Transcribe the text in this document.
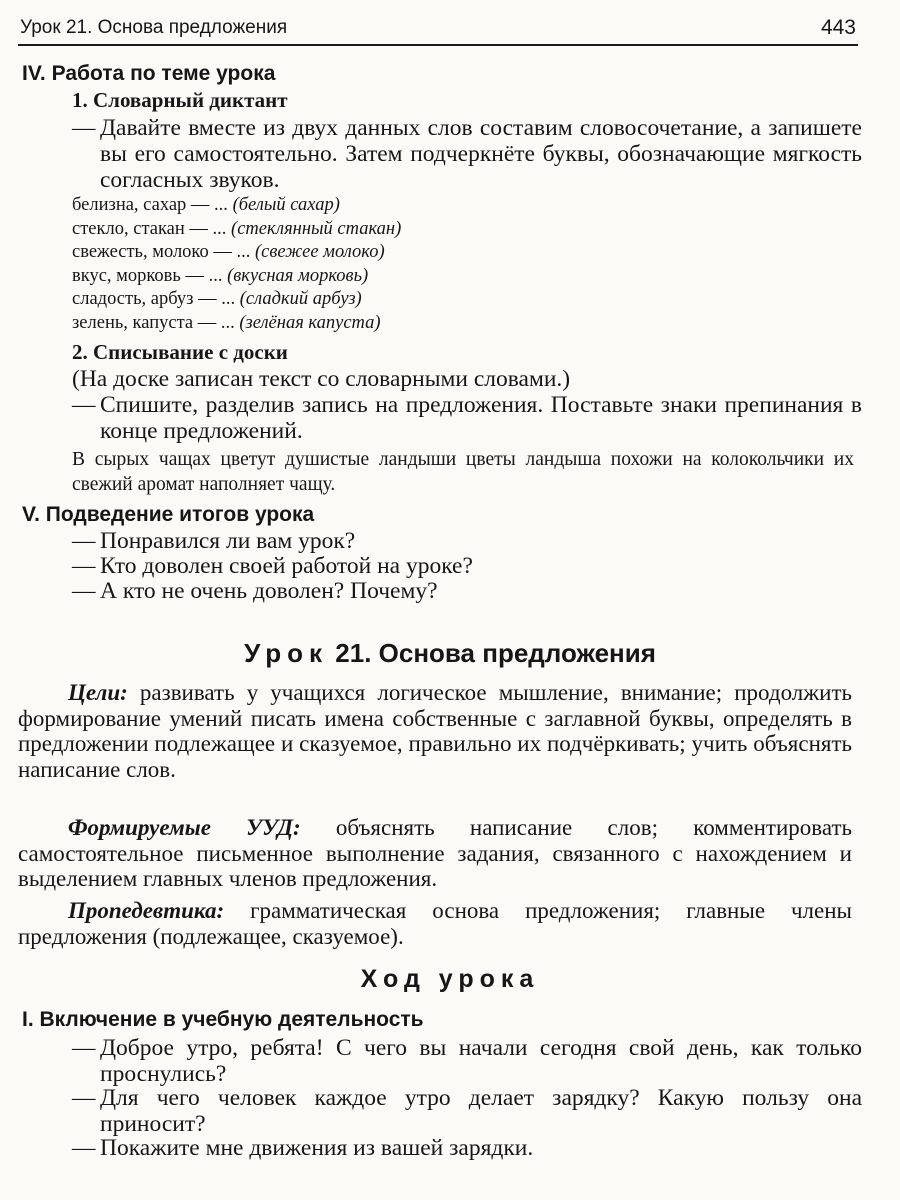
Урок 21. Основа предложения	443
IV. Работа по теме урока
1. Словарный диктант
— Давайте вместе из двух данных слов составим словосочетание, а запишете вы его самостоятельно. Затем подчеркнёте буквы, обозначающие мягкость согласных звуков.
белизна, сахар — ... (белый сахар)
стекло, стакан — ... (стеклянный стакан)
свежесть, молоко — ... (свежее молоко)
вкус, морковь — ... (вкусная морковь)
сладость, арбуз — ... (сладкий арбуз)
зелень, капуста — ... (зелёная капуста)
2. Списывание с доски
(На доске записан текст со словарными словами.)
— Спишите, разделив запись на предложения. Поставьте знаки препинания в конце предложений.
В сырых чащах цветут душистые ландыши цветы ландыша похожи на колокольчики их свежий аромат наполняет чащу.
V. Подведение итогов урока
— Понравился ли вам урок?
— Кто доволен своей работой на уроке?
— А кто не очень доволен? Почему?
Урок 21. Основа предложения
Цели: развивать у учащихся логическое мышление, внимание; продолжить формирование умений писать имена собственные с заглавной буквы, определять в предложении подлежащее и сказуемое, правильно их подчёркивать; учить объяснять написание слов.
Формируемые УУД: объяснять написание слов; комментировать самостоятельное письменное выполнение задания, связанного с нахождением и выделением главных членов предложения.
Пропедевтика: грамматическая основа предложения; главные члены предложения (подлежащее, сказуемое).
Ход урока
I. Включение в учебную деятельность
— Доброе утро, ребята! С чего вы начали сегодня свой день, как только проснулись?
— Для чего человек каждое утро делает зарядку? Какую пользу она приносит?
— Покажите мне движения из вашей зарядки.
